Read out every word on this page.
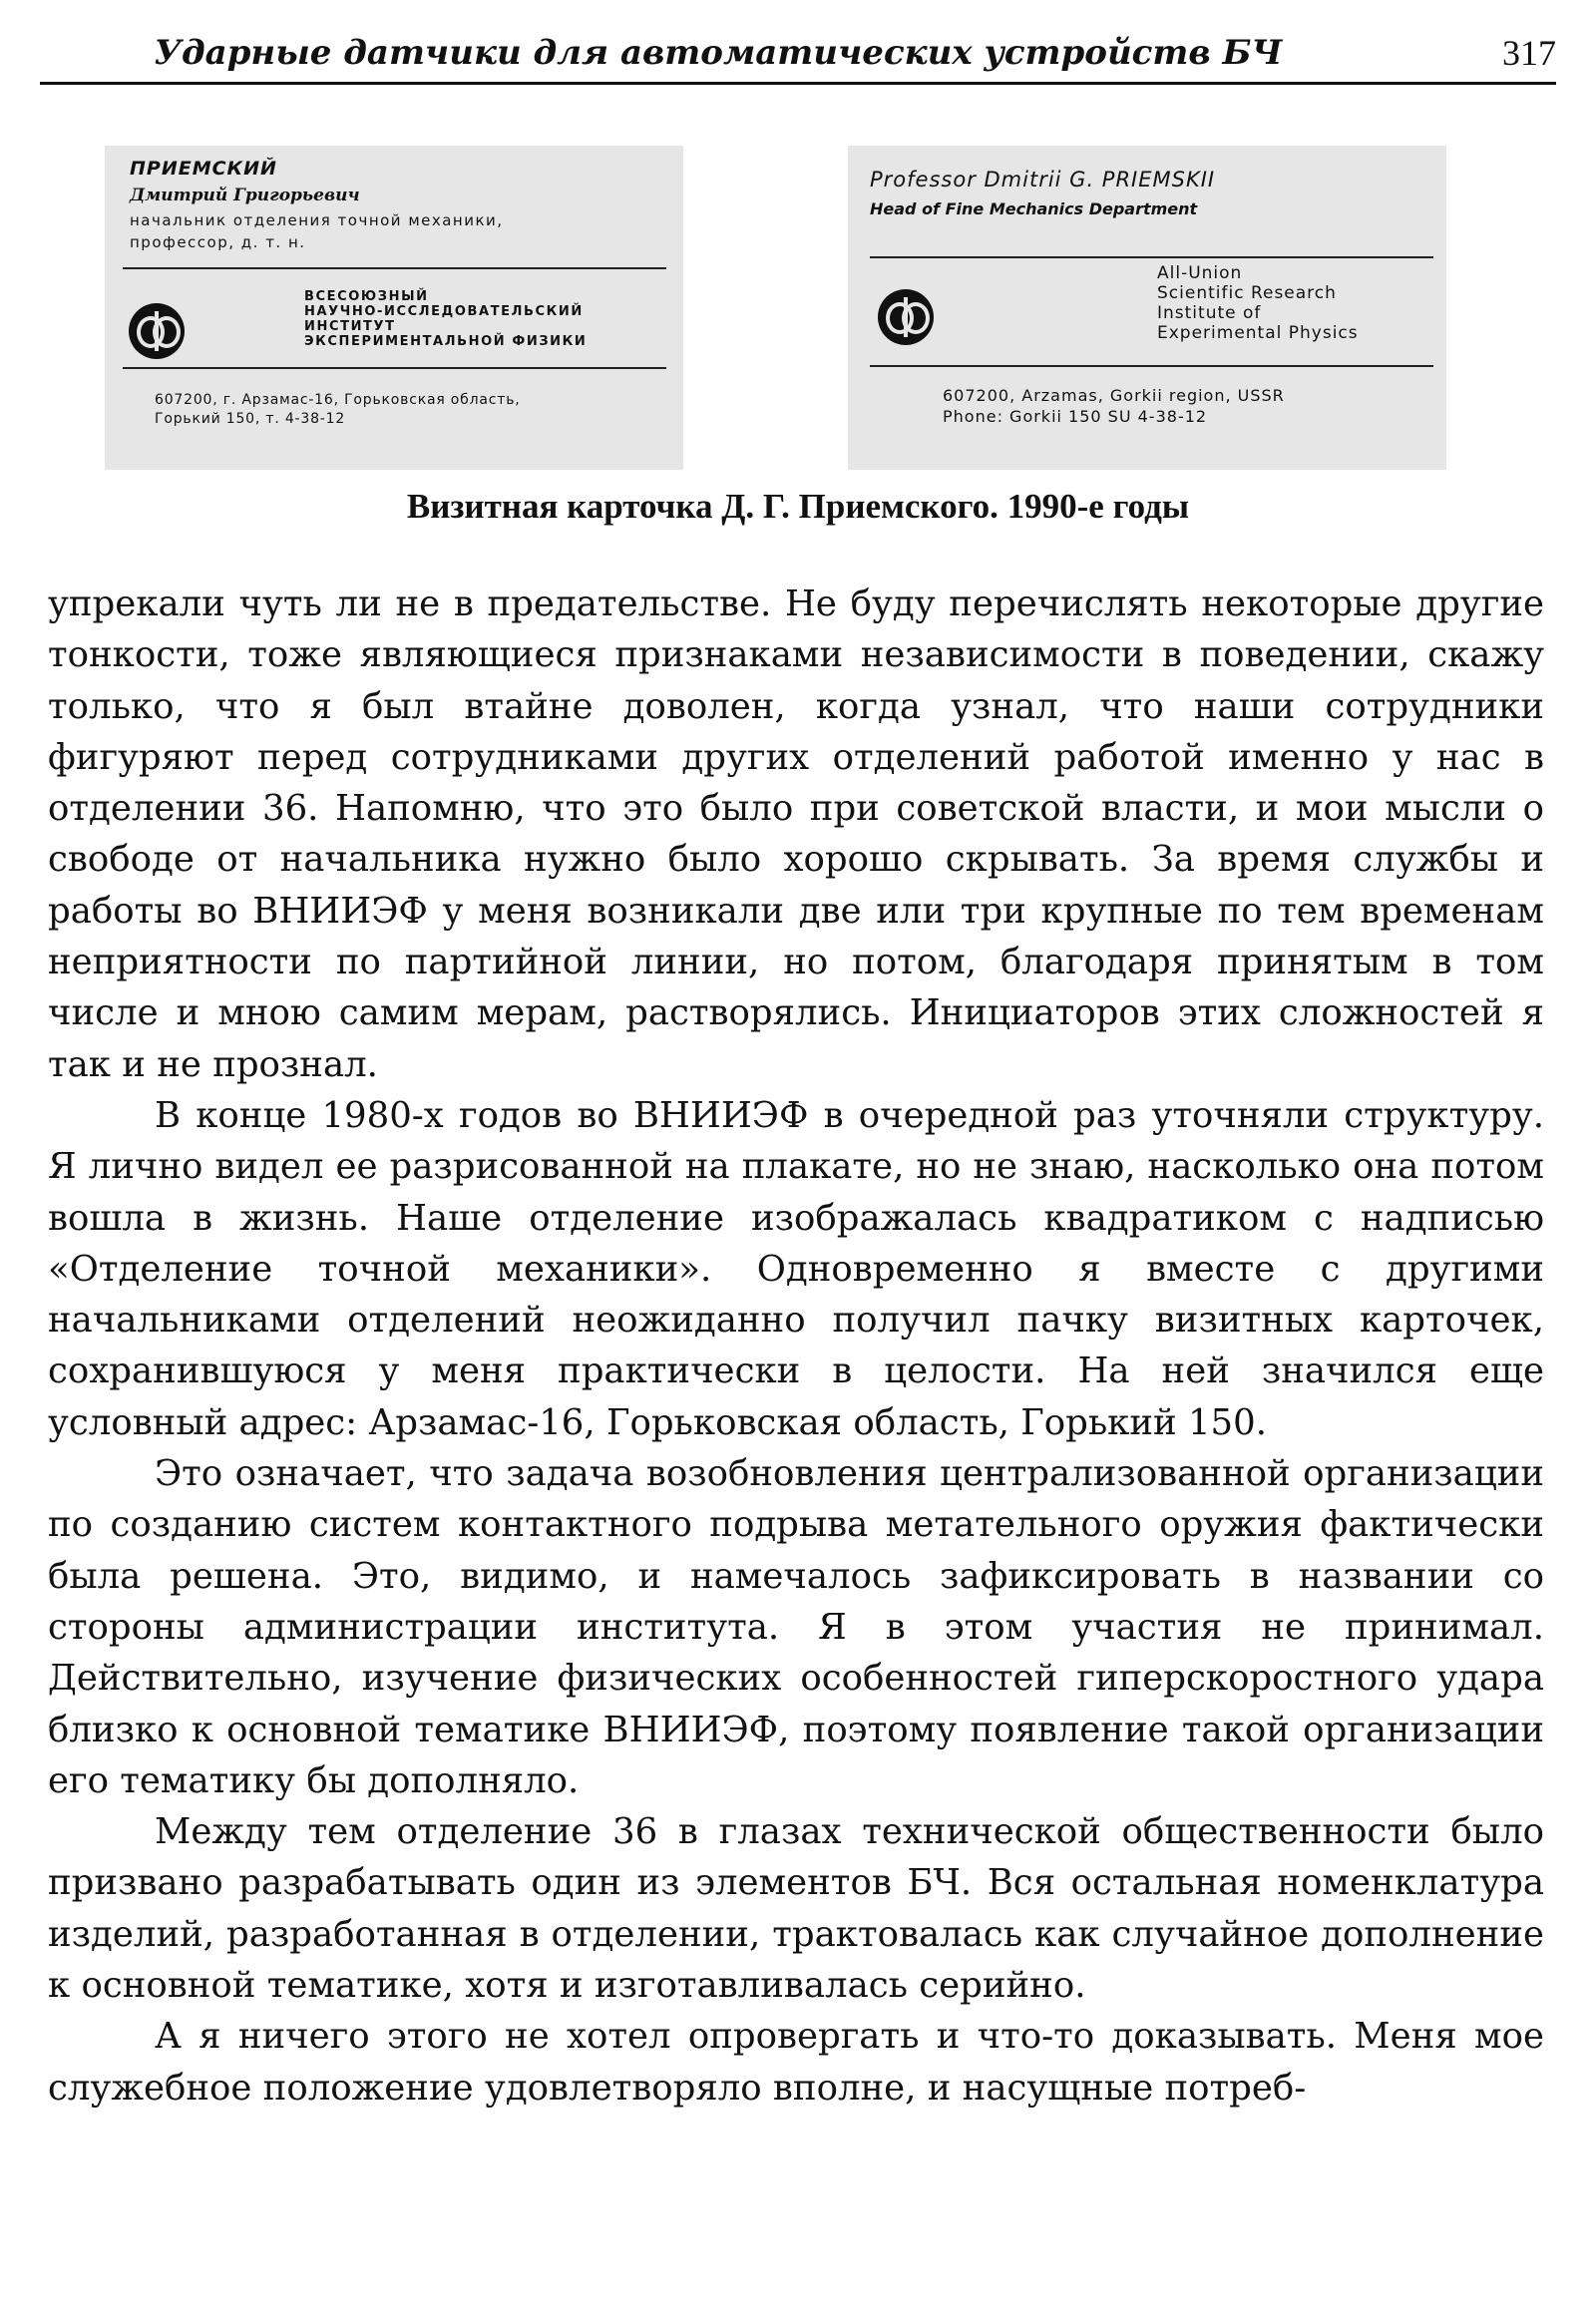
Ударные датчики для автоматических устройств БЧ	317
ПРИЕМСКИЙ
Дмитрий Григорьевич
начальник отделения точной механики,
профессор, д. т. н.
ВСЕСОЮЗНЫЙ
НАУЧНО-ИССЛЕДОВАТЕЛЬСКИЙ
ИНСТИТУТ
ЭКСПЕРИМЕНТАЛЬНОЙ ФИЗИКИ
607200, г. Арзамас-16, Горьковская область,
Горький 150, т. 4-38-12
Professor Dmitrii G. PRIEMSKII
Head of Fine Mechanics Department
All-Union
Scientific Research
Institute of
Experimental Physics
607200, Arzamas, Gorkii region, USSR
Phone: Gorkii 150 SU 4-38-12
Визитная карточка Д. Г. Приемского. 1990-е годы

упрекали чуть ли не в предательстве. Не буду перечислять некоторые другие тонкости, тоже являющиеся признаками независимости в поведении, скажу только, что я был втайне доволен, когда узнал, что наши сотрудники фигуряют перед сотрудниками других отделений работой именно у нас в отделении 36. Напомню, что это было при советской власти, и мои мысли о свободе от начальника нужно было хорошо скрывать. За время службы и работы во ВНИИЭФ у меня возникали две или три крупные по тем временам неприятности по партийной линии, но потом, благодаря принятым в том числе и мною самим мерам, растворялись. Инициаторов этих сложностей я так и не прознал.

В конце 1980-х годов во ВНИИЭФ в очередной раз уточняли структуру. Я лично видел ее разрисованной на плакате, но не знаю, насколько она потом вошла в жизнь. Наше отделение изображалась квадратиком с надписью «Отделение точной механики». Одновременно я вместе с другими начальниками отделений неожиданно получил пачку визитных карточек, сохранившуюся у меня практически в целости. На ней значился еще условный адрес: Арзамас-16, Горьковская область, Горький 150.

Это означает, что задача возобновления централизованной организации по созданию систем контактного подрыва метательного оружия фактически была решена. Это, видимо, и намечалось зафиксировать в названии со стороны администрации института. Я в этом участия не принимал. Действительно, изучение физических особенностей гиперскоростного удара близко к основной тематике ВНИИЭФ, поэтому появление такой организации его тематику бы дополняло.

Между тем отделение 36 в глазах технической общественности было призвано разрабатывать один из элементов БЧ. Вся остальная номенклатура изделий, разработанная в отделении, трактовалась как случайное дополнение к основной тематике, хотя и изготавливалась серийно.

А я ничего этого не хотел опровергать и что-то доказывать. Меня мое служебное положение удовлетворяло вполне, и насущные потреб-
